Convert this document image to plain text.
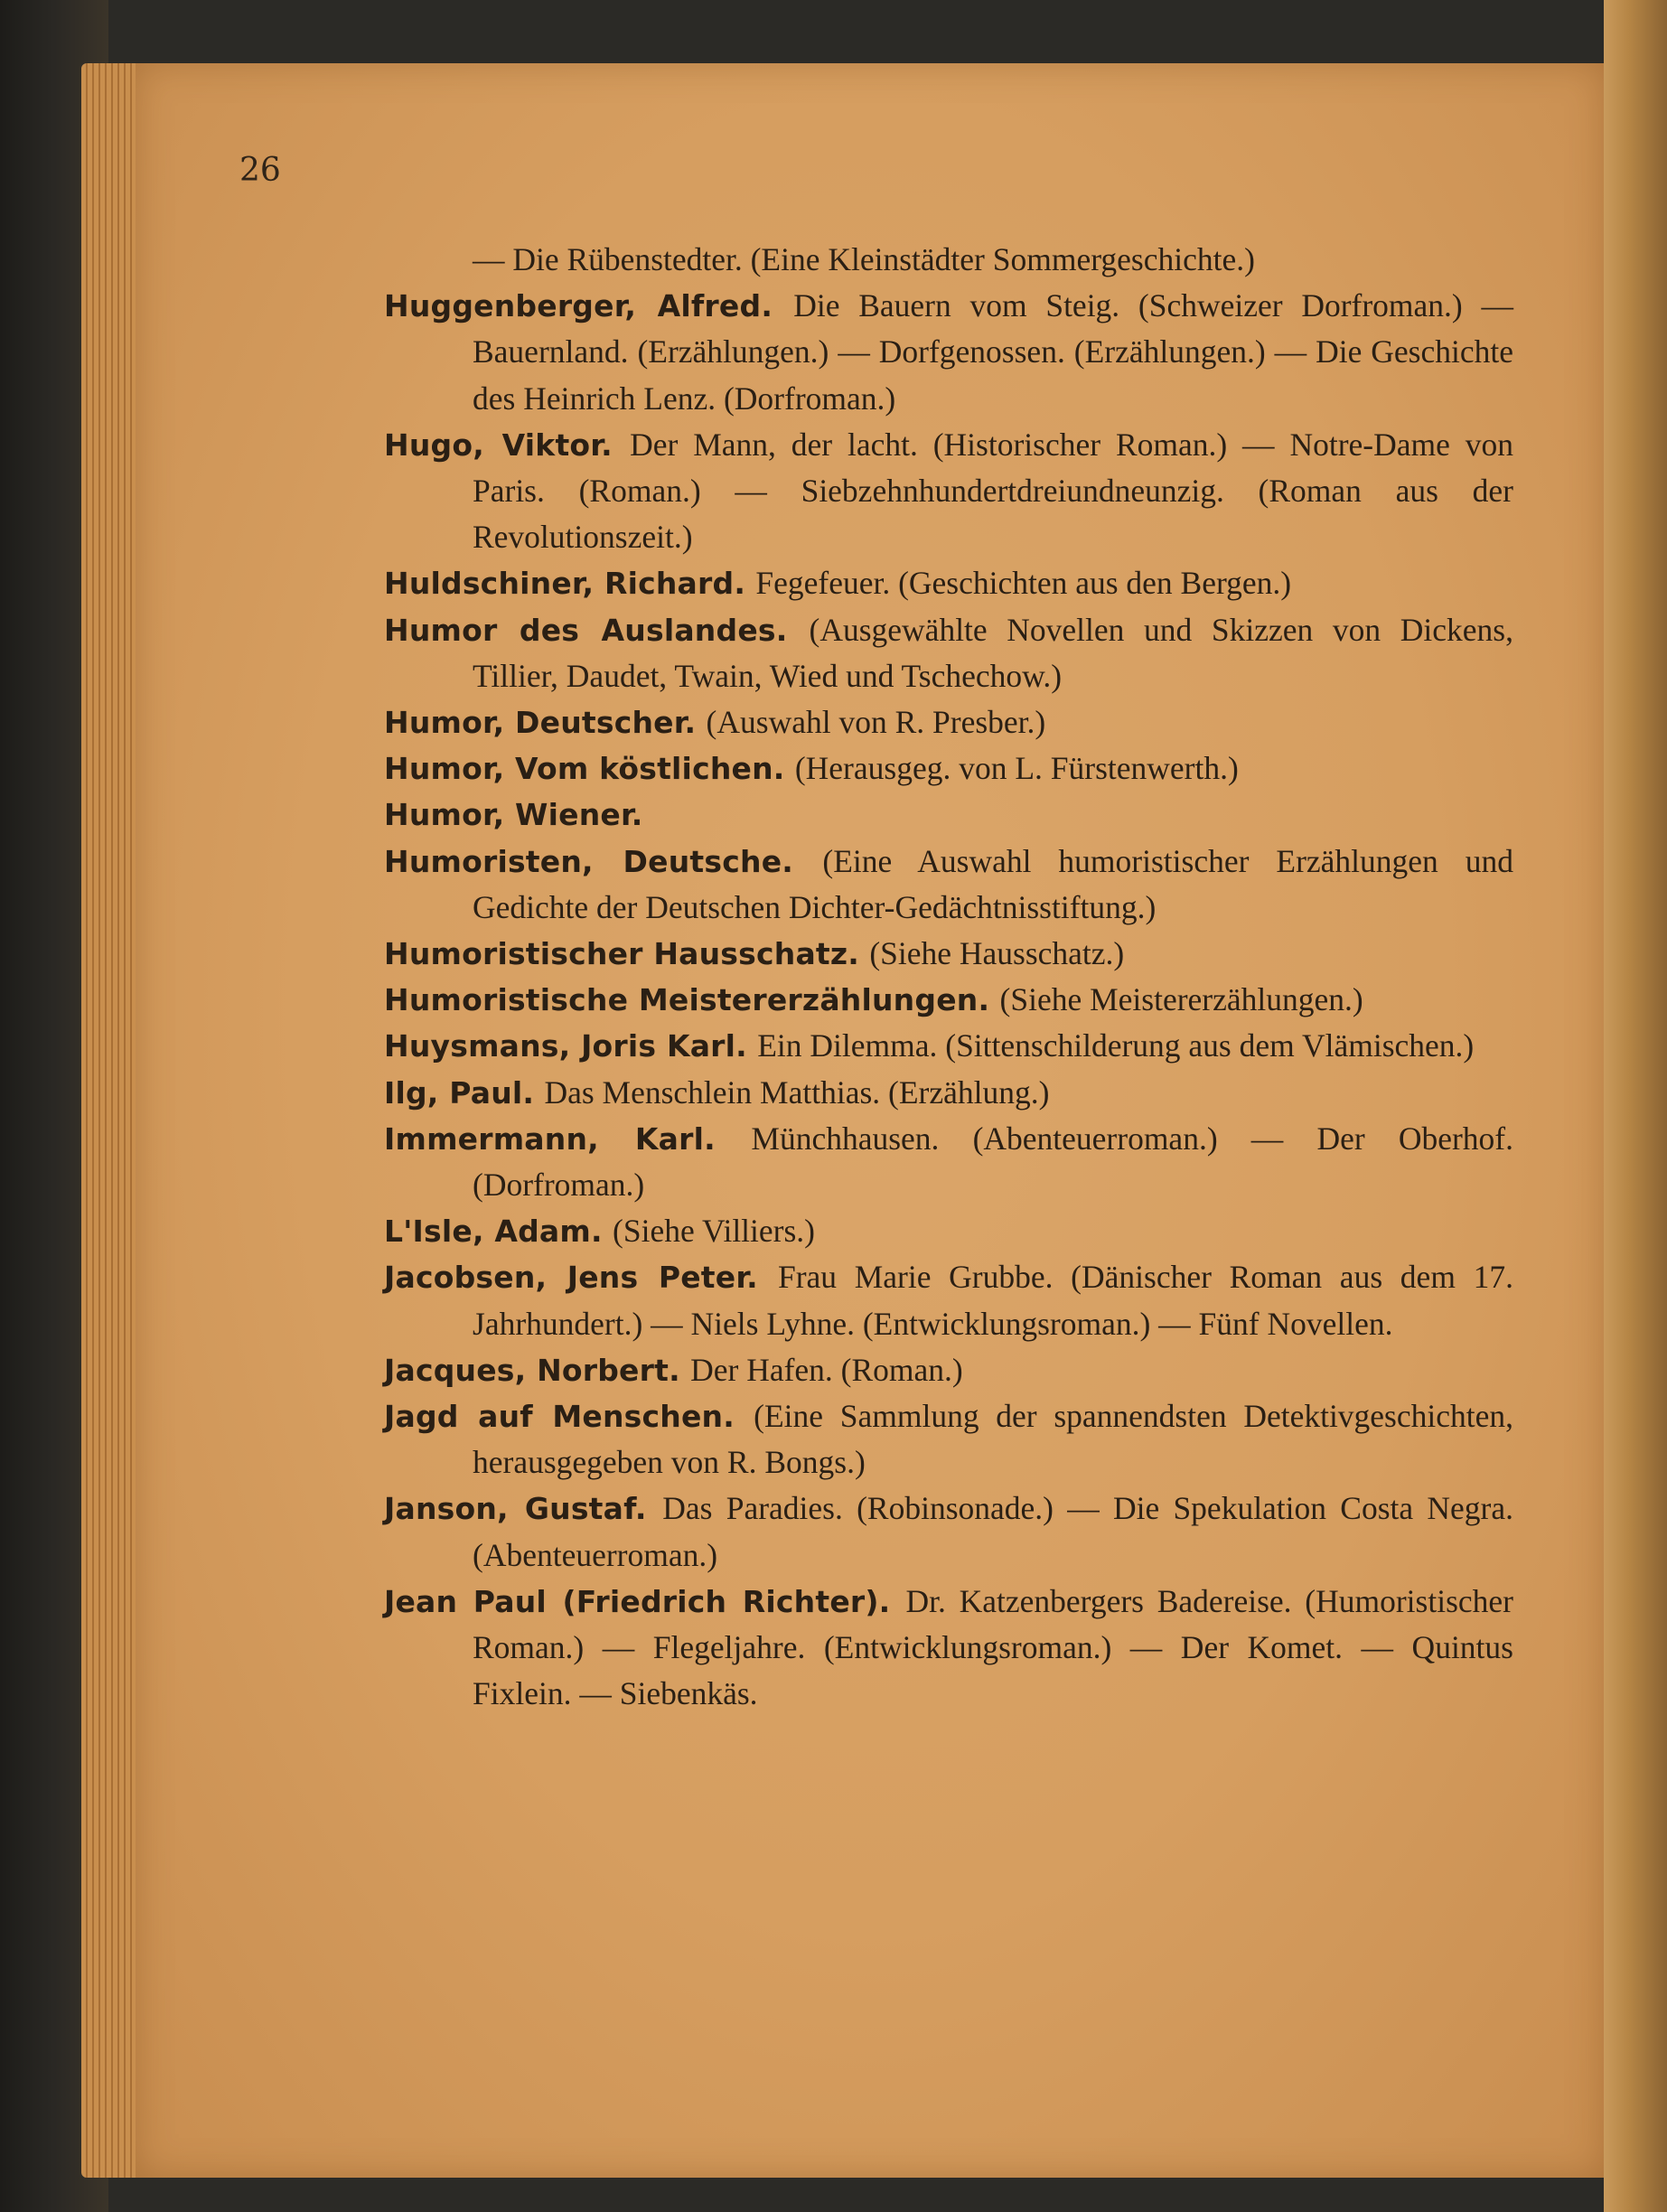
26

— Die Rübenstedter. (Eine Kleinstädter Sommergeschichte.)

Huggenberger, Alfred. Die Bauern vom Steig. (Schweizer Dorfroman.) — Bauernland. (Erzählungen.) — Dorfgenossen. (Erzählungen.) — Die Geschichte des Heinrich Lenz. (Dorfroman.)

Hugo, Viktor. Der Mann, der lacht. (Historischer Roman.) — Notre-Dame von Paris. (Roman.) — Siebzehnhundertdreiundneunzig. (Roman aus der Revolutionszeit.)

Huldschiner, Richard. Fegefeuer. (Geschichten aus den Bergen.)

Humor des Auslandes. (Ausgewählte Novellen und Skizzen von Dickens, Tillier, Daudet, Twain, Wied und Tschechow.)

Humor, Deutscher. (Auswahl von R. Presber.)

Humor, Vom köstlichen. (Herausgeg. von L. Fürstenwerth.)

Humor, Wiener.

Humoristen, Deutsche. (Eine Auswahl humoristischer Erzählungen und Gedichte der Deutschen Dichter-Gedächtnisstiftung.)

Humoristischer Hausschatz. (Siehe Hausschatz.)

Humoristische Meistererzählungen. (Siehe Meistererzählungen.)

Huysmans, Joris Karl. Ein Dilemma. (Sittenschilderung aus dem Vlämischen.)

Ilg, Paul. Das Menschlein Matthias. (Erzählung.)

Immermann, Karl. Münchhausen. (Abenteuerroman.) — Der Oberhof. (Dorfroman.)

L'Isle, Adam. (Siehe Villiers.)

Jacobsen, Jens Peter. Frau Marie Grubbe. (Dänischer Roman aus dem 17. Jahrhundert.) — Niels Lyhne. (Entwicklungsroman.) — Fünf Novellen.

Jacques, Norbert. Der Hafen. (Roman.)

Jagd auf Menschen. (Eine Sammlung der spannendsten Detektivgeschichten, herausgegeben von R. Bongs.)

Janson, Gustaf. Das Paradies. (Robinsonade.) — Die Spekulation Costa Negra. (Abenteuerroman.)

Jean Paul (Friedrich Richter). Dr. Katzenbergers Badereise. (Humoristischer Roman.) — Flegeljahre. (Entwicklungsroman.) — Der Komet. — Quintus Fixlein. — Siebenkäs.
